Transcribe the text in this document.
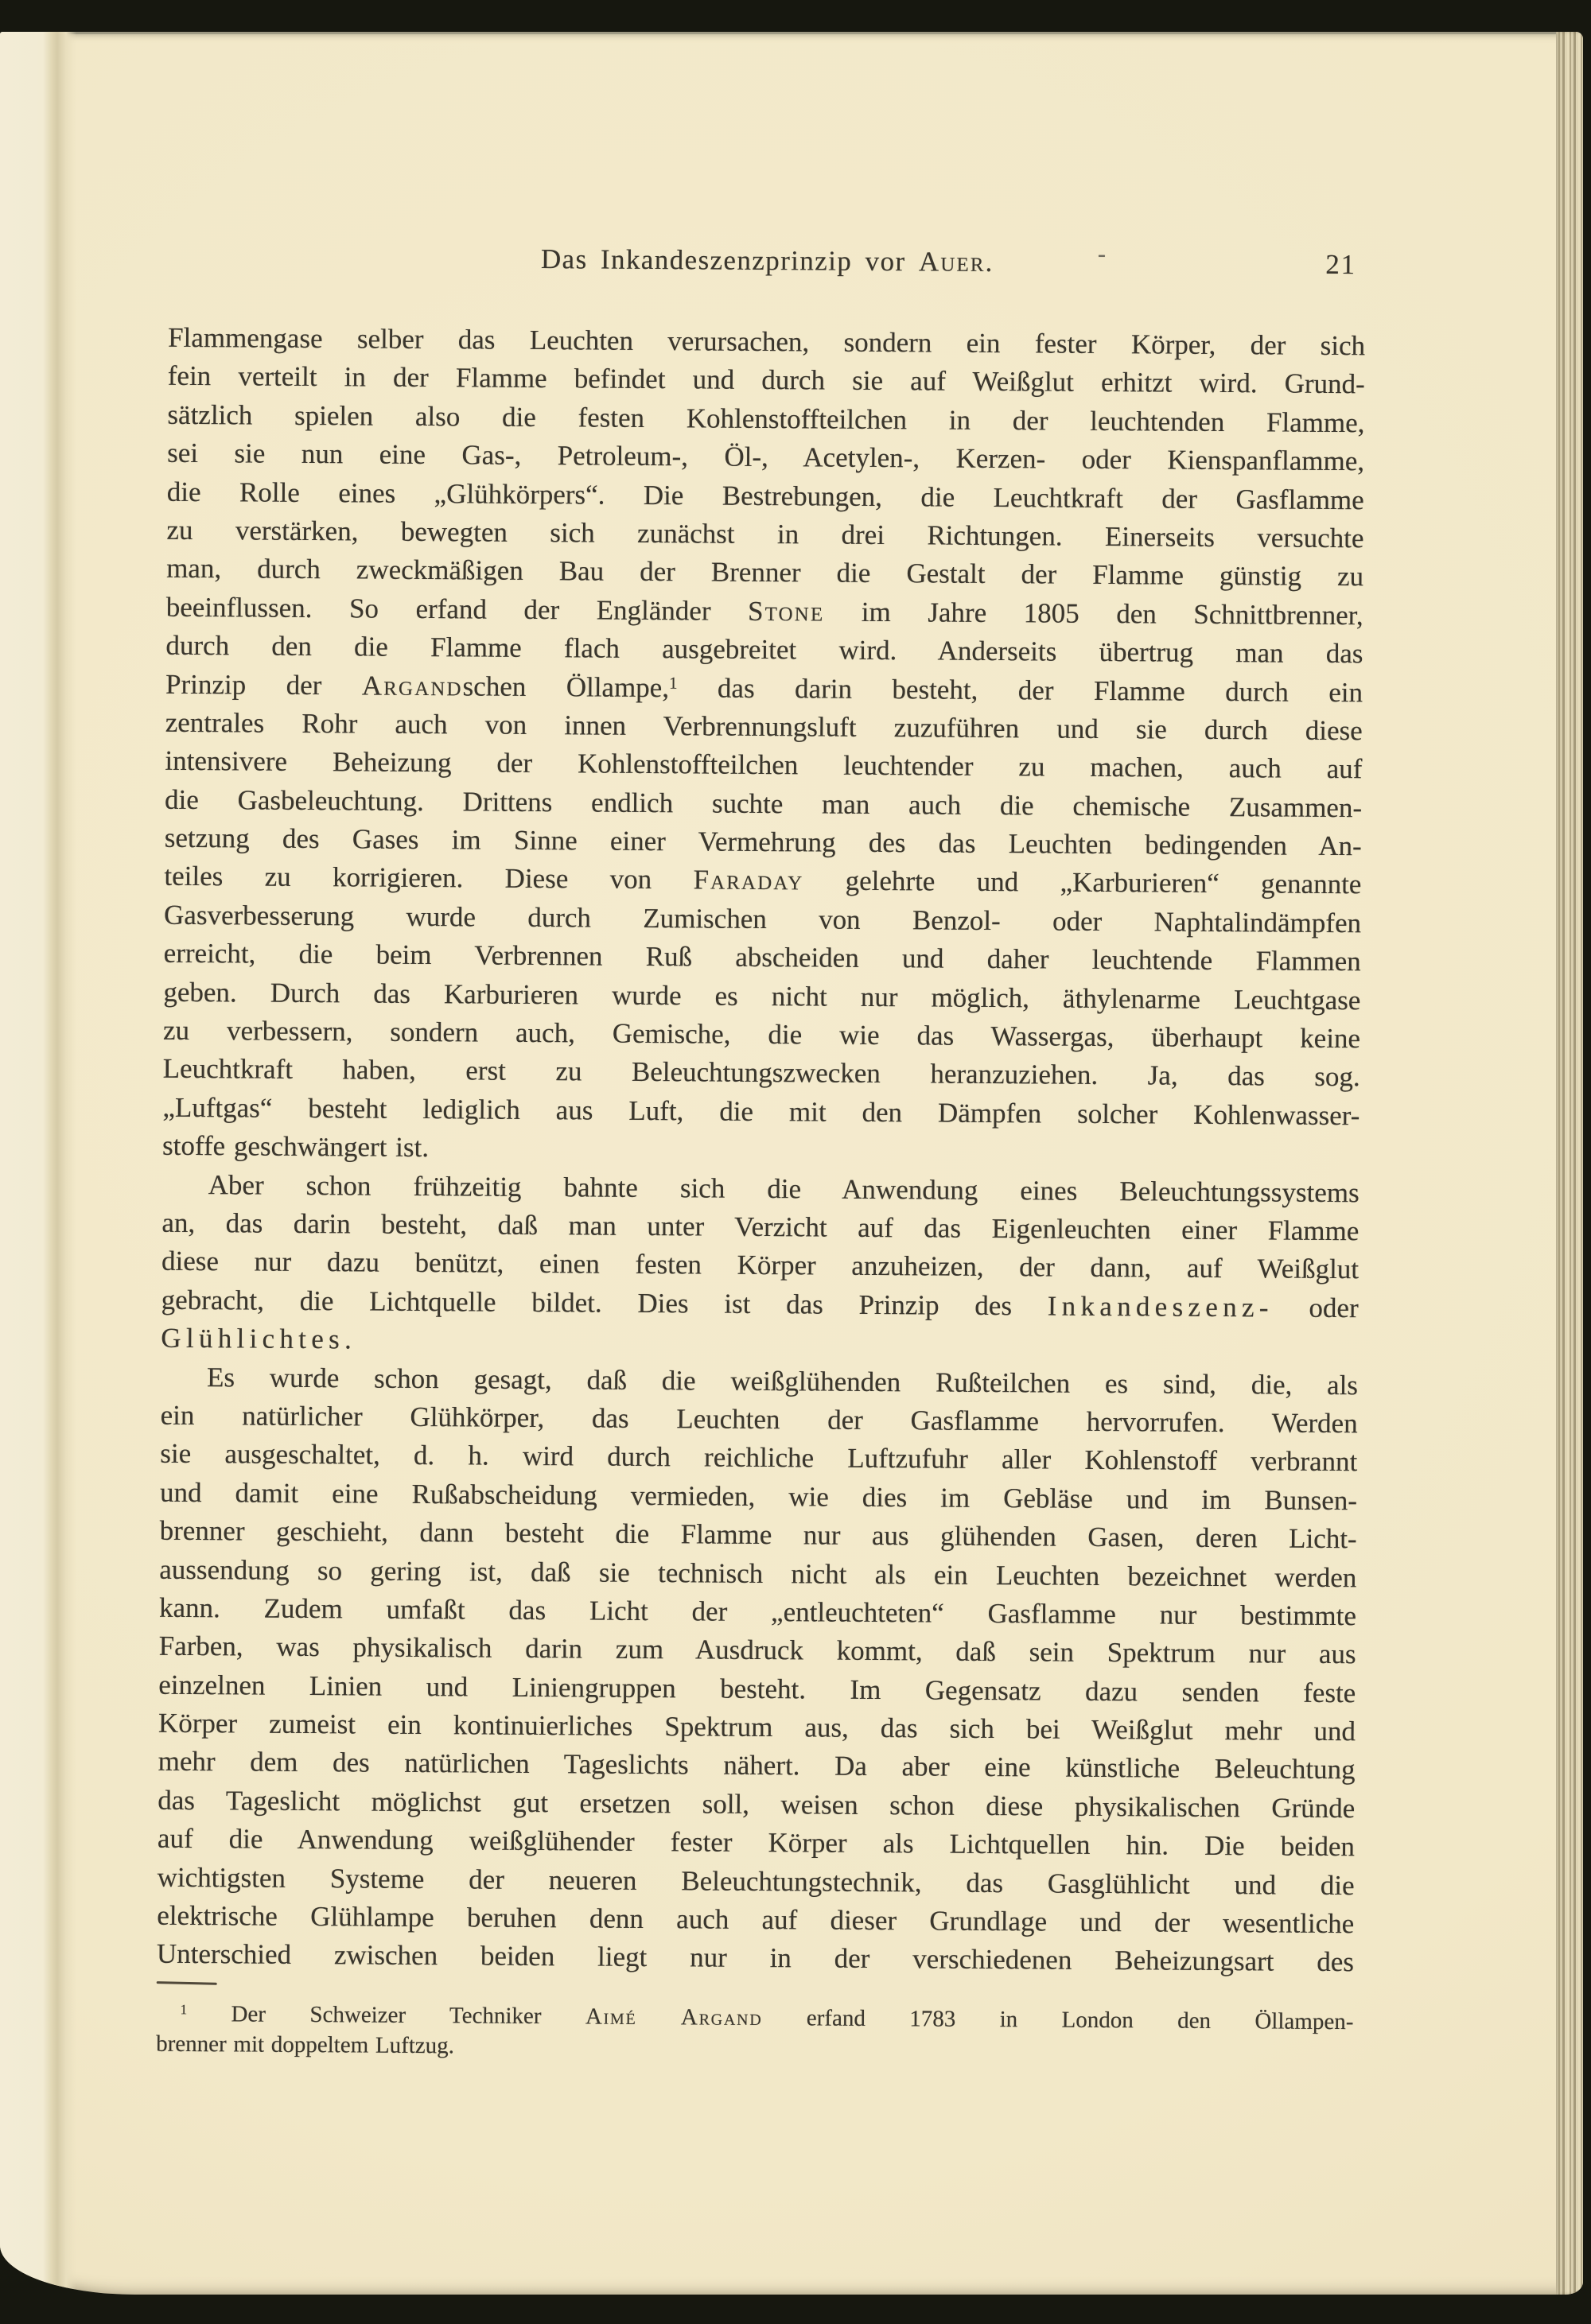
Das Inkandeszenzprinzip vor Auer.	-	21
Flammengase selber das Leuchten verursachen, sondern ein fester Körper, der sich
fein verteilt in der Flamme befindet und durch sie auf Weißglut erhitzt wird. Grund-
sätzlich spielen also die festen Kohlenstoffteilchen in der leuchtenden Flamme,
sei sie nun eine Gas-, Petroleum-, Öl-, Acetylen-, Kerzen- oder Kienspanflamme,
die Rolle eines „Glühkörpers“. Die Bestrebungen, die Leuchtkraft der Gasflamme
zu verstärken, bewegten sich zunächst in drei Richtungen. Einerseits versuchte
man, durch zweckmäßigen Bau der Brenner die Gestalt der Flamme günstig zu
beeinflussen. So erfand der Engländer Stone im Jahre 1805 den Schnittbrenner,
durch den die Flamme flach ausgebreitet wird. Anderseits übertrug man das
Prinzip der Argandschen Öllampe,$^1$ das darin besteht, der Flamme durch ein
zentrales Rohr auch von innen Verbrennungsluft zuzuführen und sie durch diese
intensivere Beheizung der Kohlenstoffteilchen leuchtender zu machen, auch auf
die Gasbeleuchtung. Drittens endlich suchte man auch die chemische Zusammen-
setzung des Gases im Sinne einer Vermehrung des das Leuchten bedingenden An-
teiles zu korrigieren. Diese von Faraday gelehrte und „Karburieren“ genannte
Gasverbesserung wurde durch Zumischen von Benzol- oder Naphtalindämpfen
erreicht, die beim Verbrennen Ruß abscheiden und daher leuchtende Flammen
geben. Durch das Karburieren wurde es nicht nur möglich, äthylenarme Leuchtgase
zu verbessern, sondern auch, Gemische, die wie das Wassergas, überhaupt keine
Leuchtkraft haben, erst zu Beleuchtungszwecken heranzuziehen. Ja, das sog.
„Luftgas“ besteht lediglich aus Luft, die mit den Dämpfen solcher Kohlenwasser-
stoffe geschwängert ist.
Aber schon frühzeitig bahnte sich die Anwendung eines Beleuchtungssystems
an, das darin besteht, daß man unter Verzicht auf das Eigenleuchten einer Flamme
diese nur dazu benützt, einen festen Körper anzuheizen, der dann, auf Weißglut
gebracht, die Lichtquelle bildet. Dies ist das Prinzip des Inkandeszenz- oder
Glühlichtes.
Es wurde schon gesagt, daß die weißglühenden Rußteilchen es sind, die, als
ein natürlicher Glühkörper, das Leuchten der Gasflamme hervorrufen. Werden
sie ausgeschaltet, d. h. wird durch reichliche Luftzufuhr aller Kohlenstoff verbrannt
und damit eine Rußabscheidung vermieden, wie dies im Gebläse und im Bunsen-
brenner geschieht, dann besteht die Flamme nur aus glühenden Gasen, deren Licht-
aussendung so gering ist, daß sie technisch nicht als ein Leuchten bezeichnet werden
kann. Zudem umfaßt das Licht der „entleuchteten“ Gasflamme nur bestimmte
Farben, was physikalisch darin zum Ausdruck kommt, daß sein Spektrum nur aus
einzelnen Linien und Liniengruppen besteht. Im Gegensatz dazu senden feste
Körper zumeist ein kontinuierliches Spektrum aus, das sich bei Weißglut mehr und
mehr dem des natürlichen Tageslichts nähert. Da aber eine künstliche Beleuchtung
das Tageslicht möglichst gut ersetzen soll, weisen schon diese physikalischen Gründe
auf die Anwendung weißglühender fester Körper als Lichtquellen hin. Die beiden
wichtigsten Systeme der neueren Beleuchtungstechnik, das Gasglühlicht und die
elektrische Glühlampe beruhen denn auch auf dieser Grundlage und der wesentliche
Unterschied zwischen beiden liegt nur in der verschiedenen Beheizungsart des
$^1$ Der Schweizer Techniker Aimé Argand erfand 1783 in London den Öllampen-
brenner mit doppeltem Luftzug.
